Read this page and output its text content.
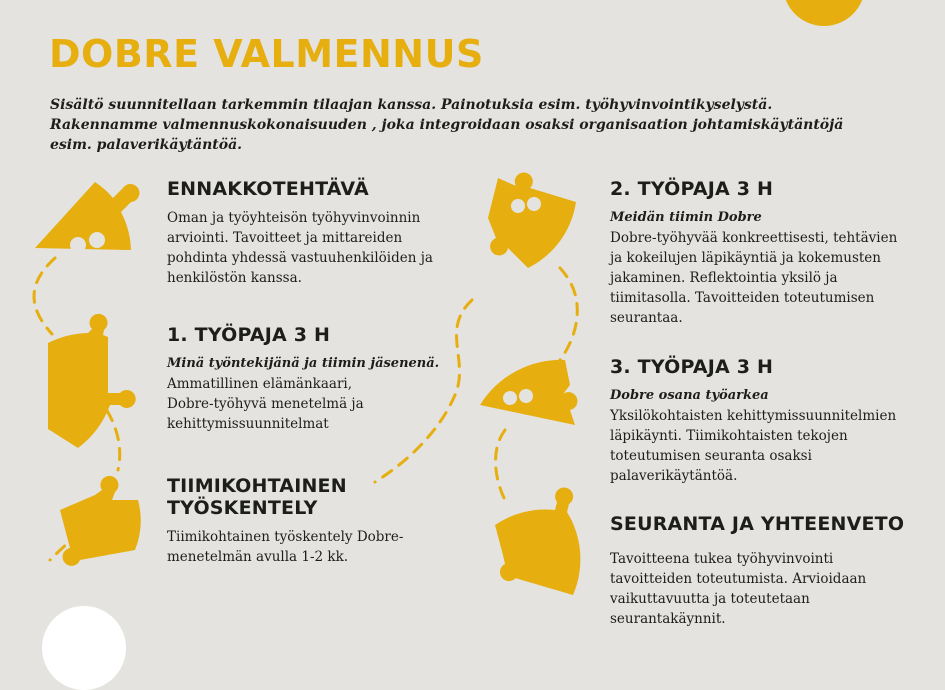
DOBRE VALMENNUS

Sisältö suunnitellaan tarkemmin tilaajan kanssa. Painotuksia esim. työhyvinvointikyselystä. Rakennamme valmennuskokonaisuuden , joka integroidaan osaksi organisaation johtamiskäytäntöjä esim. palaverikäytäntöä.

ENNAKKOTEHTÄVÄ

Oman ja työyhteisön työhyvinvoinnin arviointi. Tavoitteet ja mittareiden pohdinta yhdessä vastuuhenkilöiden ja henkilöstön kanssa.

1. TYÖPAJA 3 H

Minä työntekijänä ja tiimin jäsenenä.

Ammatillinen elämänkaari, Dobre-työhyvä menetelmä ja kehittymissuunnitelmat

TIIMIKOHTAINEN TYÖSKENTELY

Tiimikohtainen työskentely Dobre-menetelmän avulla 1-2 kk.

2. TYÖPAJA 3 H

Meidän tiimin Dobre

Dobre-työhyvää konkreettisesti, tehtävien ja kokeilujen läpikäyntiä ja kokemusten jakaminen. Reflektointia yksilö ja tiimitasolla. Tavoitteiden toteutumisen seurantaa.

3. TYÖPAJA 3 H

Dobre osana työarkea

Yksilökohtaisten kehittymissuunnitelmien läpikäynti. Tiimikohtaisten tekojen toteutumisen seuranta osaksi palaverikäytäntöä.

SEURANTA JA YHTEENVETO

Tavoitteena tukea työhyvinvointi tavoitteiden toteutumista. Arvioidaan vaikuttavuutta ja toteutetaan seurantakäynnit.
